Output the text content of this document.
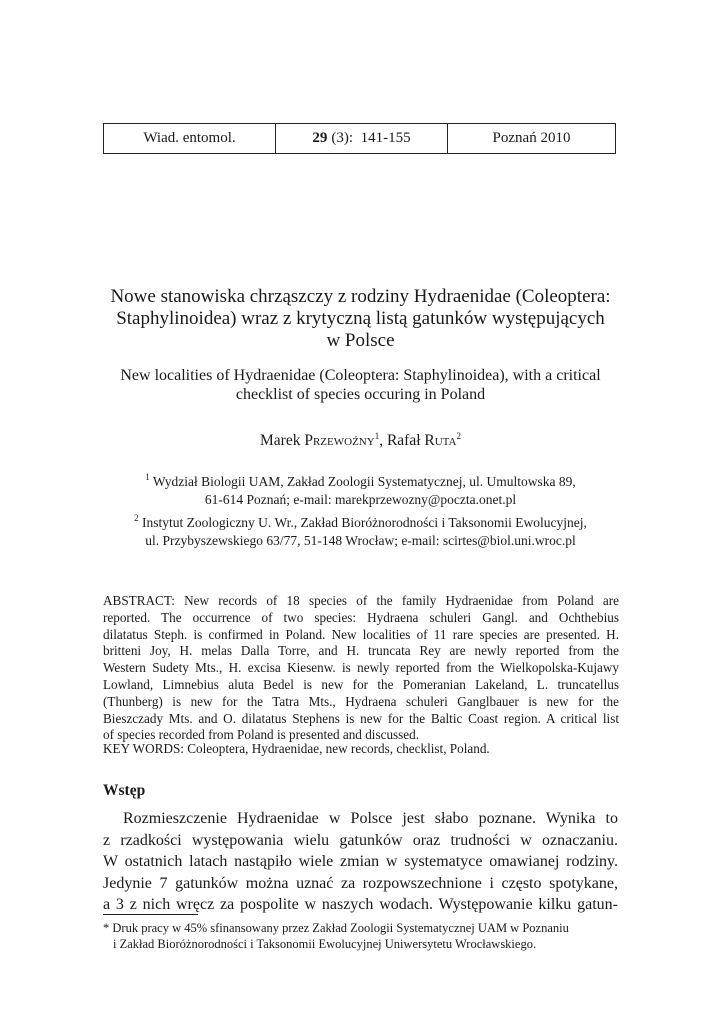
Wiad. entomol.	29 (3):  141-155	Poznań 2010
Nowe stanowiska chrząszczy z rodziny Hydraenidae (Coleoptera:
Staphylinoidea) wraz z krytyczną listą gatunków występujących
w Polsce
New localities of Hydraenidae (Coleoptera: Staphylinoidea), with a critical
checklist of species occuring in Poland
Marek Przewoźny$^1$, Rafał Ruta$^2$
$^1$ Wydział Biologii UAM, Zakład Zoologii Systematycznej, ul. Umultowska 89,
61-614 Poznań; e-mail: marekprzewozny@poczta.onet.pl
$^2$ Instytut Zoologiczny U. Wr., Zakład Bioróżnorodności i Taksonomii Ewolucyjnej,
ul. Przybyszewskiego 63/77, 51-148 Wrocław; e-mail: scirtes@biol.uni.wroc.pl
ABSTRACT: New records of 18 species of the family Hydraenidae from Poland are
reported. The occurrence of two species: Hydraena schuleri Gangl. and Ochthebius
dilatatus Steph. is confirmed in Poland. New localities of 11 rare species are presented. H.
britteni Joy, H. melas Dalla Torre, and H. truncata Rey are newly reported from the
Western Sudety Mts., H. excisa Kiesenw. is newly reported from the Wielkopolska-Kujawy
Lowland, Limnebius aluta Bedel is new for the Pomeranian Lakeland, L. truncatellus
(Thunberg) is new for the Tatra Mts., Hydraena schuleri Ganglbauer is new for the
Bieszczady Mts. and O. dilatatus Stephens is new for the Baltic Coast region. A critical list
of species recorded from Poland is presented and discussed.
KEY WORDS: Coleoptera, Hydraenidae, new records, checklist, Poland.
Wstęp
Rozmieszczenie Hydraenidae w Polsce jest słabo poznane. Wynika to
z rzadkości występowania wielu gatunków oraz trudności w oznaczaniu.
W ostatnich latach nastąpiło wiele zmian w systematyce omawianej rodziny.
Jedynie 7 gatunków można uznać za rozpowszechnione i często spotykane,
a 3 z nich wręcz za pospolite w naszych wodach. Występowanie kilku gatun-
* Druk pracy w 45% sfinansowany przez Zakład Zoologii Systematycznej UAM w Poznaniu
i Zakład Bioróżnorodności i Taksonomii Ewolucyjnej Uniwersytetu Wrocławskiego.
